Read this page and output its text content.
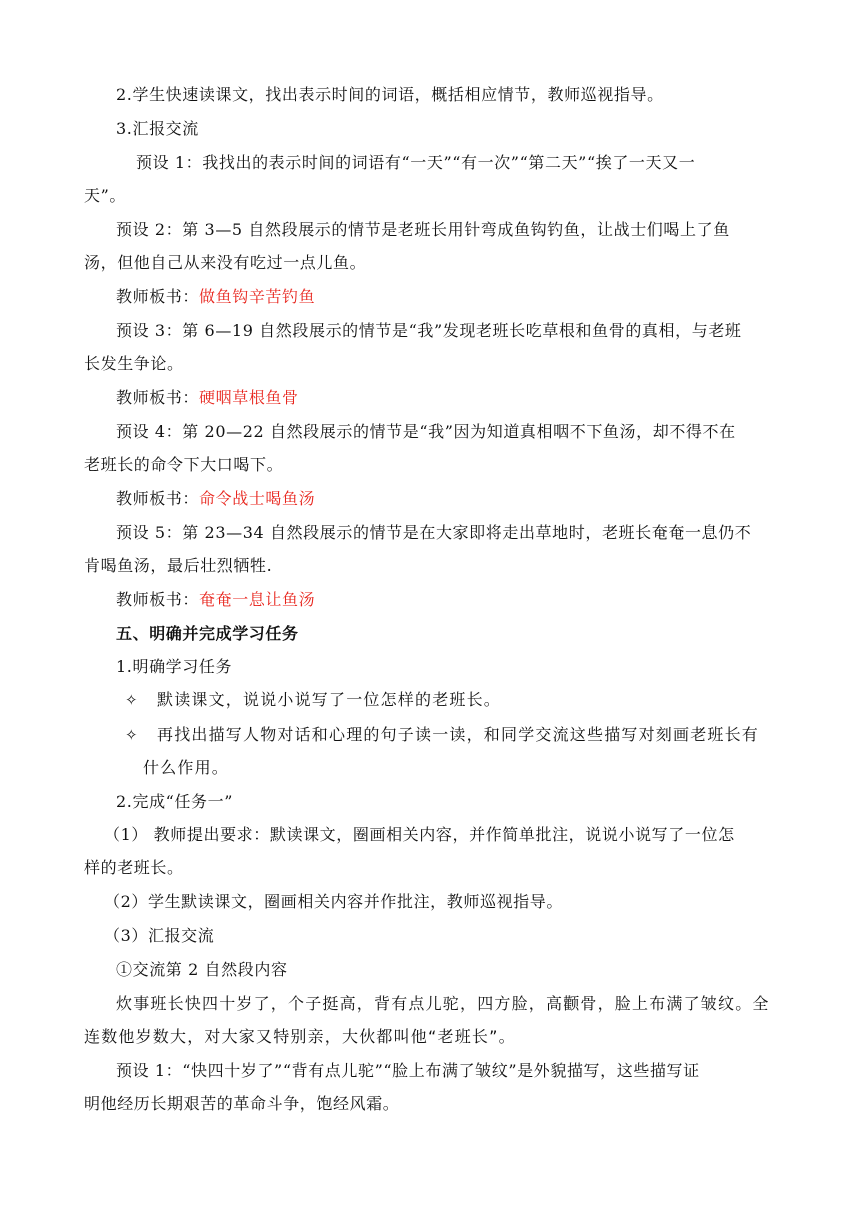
2.学生快速读课文，找出表示时间的词语，概括相应情节，教师巡视指导。
3.汇报交流
预设 1：我找出的表示时间的词语有“一天”“有一次”“第二天”“挨了一天又一
天”。
预设 2：第 3—5 自然段展示的情节是老班长用针弯成鱼钩钓鱼，让战士们喝上了鱼
汤，但他自己从来没有吃过一点儿鱼。
教师板书：做鱼钩辛苦钓鱼
预设 3：第 6—19 自然段展示的情节是“我”发现老班长吃草根和鱼骨的真相，与老班
长发生争论。
教师板书：硬咽草根鱼骨
预设 4：第 20—22 自然段展示的情节是“我”因为知道真相咽不下鱼汤，却不得不在
老班长的命令下大口喝下。
教师板书：命令战士喝鱼汤
预设 5：第 23—34 自然段展示的情节是在大家即将走出草地时，老班长奄奄一息仍不
肯喝鱼汤，最后壮烈牺牲.
教师板书：奄奄一息让鱼汤
五、明确并完成学习任务
1.明确学习任务
✧ 默读课文，说说小说写了一位怎样的老班长。
✧ 再找出描写人物对话和心理的句子读一读，和同学交流这些描写对刻画老班长有
什么作用。
2.完成“任务一”
（1） 教师提出要求：默读课文，圈画相关内容，并作简单批注，说说小说写了一位怎
样的老班长。
（2）学生默读课文，圈画相关内容并作批注，教师巡视指导。
（3）汇报交流
①交流第 2 自然段内容
炊事班长快四十岁了，个子挺高，背有点儿驼，四方脸，高颧骨，脸上布满了皱纹。全
连数他岁数大，对大家又特别亲，大伙都叫他“老班长”。
预设 1：“快四十岁了”“背有点儿驼”“脸上布满了皱纹”是外貌描写，这些描写证
明他经历长期艰苦的革命斗争，饱经风霜。
